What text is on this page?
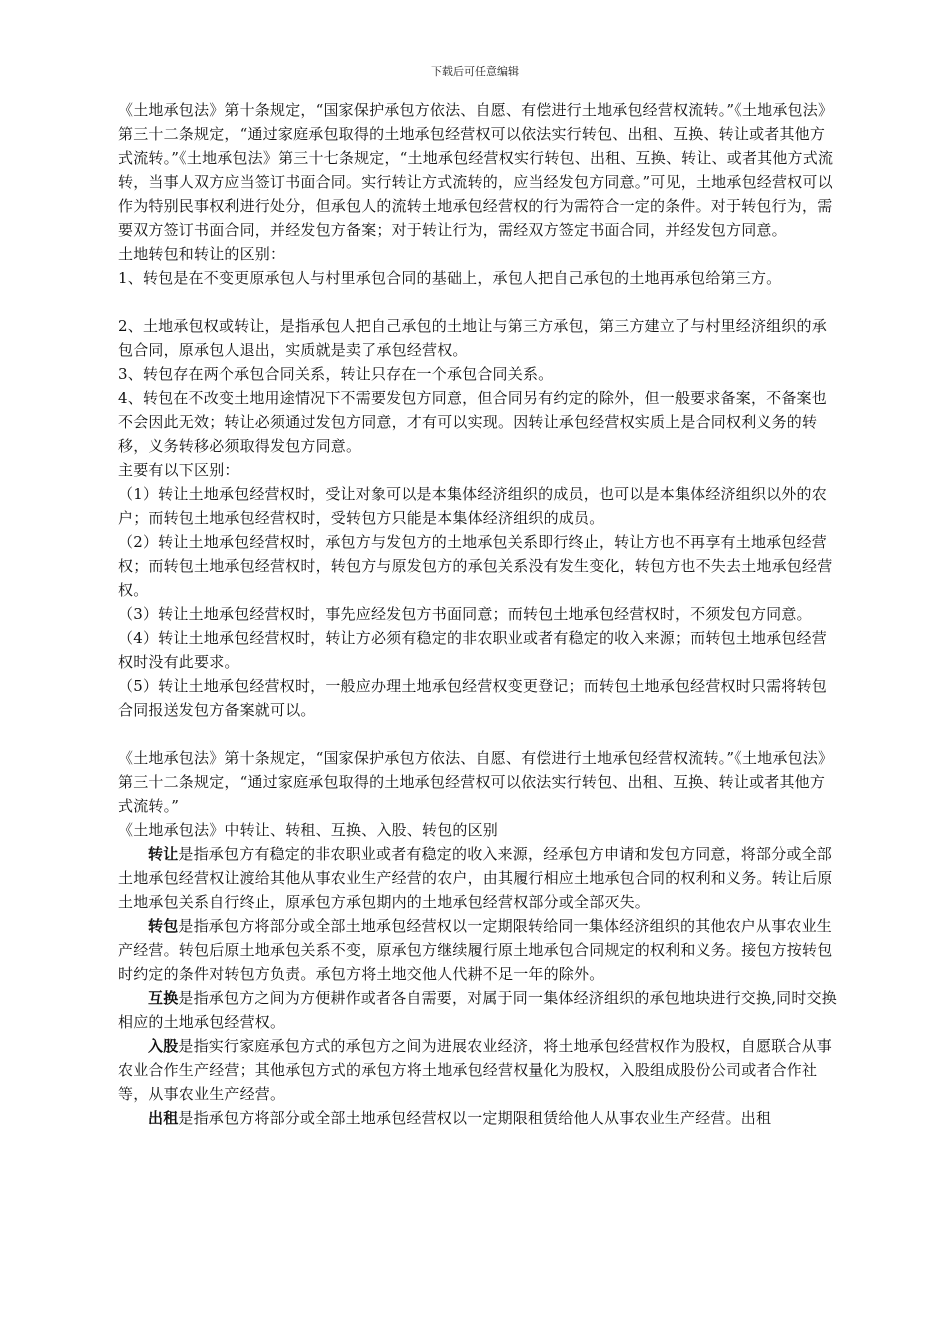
下载后可任意编辑

《土地承包法》第十条规定，“国家保护承包方依法、自愿、有偿进行土地承包经营权流转。”《土地承包法》第三十二条规定，“通过家庭承包取得的土地承包经营权可以依法实行转包、出租、互换、转让或者其他方式流转。”《土地承包法》第三十七条规定，“土地承包经营权实行转包、出租、互换、转让、或者其他方式流转，当事人双方应当签订书面合同。实行转让方式流转的，应当经发包方同意。”可见，土地承包经营权可以作为特别民事权利进行处分，但承包人的流转土地承包经营权的行为需符合一定的条件。对于转包行为，需要双方签订书面合同，并经发包方备案；对于转让行为，需经双方签定书面合同，并经发包方同意。

土地转包和转让的区别：

1、转包是在不变更原承包人与村里承包合同的基础上，承包人把自己承包的土地再承包给第三方。

2、土地承包权或转让，是指承包人把自己承包的土地让与第三方承包，第三方建立了与村里经济组织的承包合同，原承包人退出，实质就是卖了承包经营权。

3、转包存在两个承包合同关系，转让只存在一个承包合同关系。

4、转包在不改变土地用途情况下不需要发包方同意，但合同另有约定的除外，但一般要求备案，不备案也不会因此无效；转让必须通过发包方同意，才有可以实现。因转让承包经营权实质上是合同权利义务的转移，义务转移必须取得发包方同意。

主要有以下区别：

（1）转让土地承包经营权时，受让对象可以是本集体经济组织的成员，也可以是本集体经济组织以外的农户；而转包土地承包经营权时，受转包方只能是本集体经济组织的成员。

（2）转让土地承包经营权时，承包方与发包方的土地承包关系即行终止，转让方也不再享有土地承包经营权；而转包土地承包经营权时，转包方与原发包方的承包关系没有发生变化，转包方也不失去土地承包经营权。

（3）转让土地承包经营权时，事先应经发包方书面同意；而转包土地承包经营权时，不须发包方同意。

（4）转让土地承包经营权时，转让方必须有稳定的非农职业或者有稳定的收入来源；而转包土地承包经营权时没有此要求。

（5）转让土地承包经营权时，一般应办理土地承包经营权变更登记；而转包土地承包经营权时只需将转包合同报送发包方备案就可以。

《土地承包法》第十条规定，“国家保护承包方依法、自愿、有偿进行土地承包经营权流转。”《土地承包法》第三十二条规定，“通过家庭承包取得的土地承包经营权可以依法实行转包、出租、互换、转让或者其他方式流转。”

《土地承包法》中转让、转租、互换、入股、转包的区别

转让是指承包方有稳定的非农职业或者有稳定的收入来源，经承包方申请和发包方同意，将部分或全部土地承包经营权让渡给其他从事农业生产经营的农户，由其履行相应土地承包合同的权利和义务。转让后原土地承包关系自行终止，原承包方承包期内的土地承包经营权部分或全部灭失。

转包是指承包方将部分或全部土地承包经营权以一定期限转给同一集体经济组织的其他农户从事农业生产经营。转包后原土地承包关系不变，原承包方继续履行原土地承包合同规定的权利和义务。接包方按转包时约定的条件对转包方负责。承包方将土地交他人代耕不足一年的除外。

互换是指承包方之间为方便耕作或者各自需要，对属于同一集体经济组织的承包地块进行交换,同时交换相应的土地承包经营权。

入股是指实行家庭承包方式的承包方之间为进展农业经济，将土地承包经营权作为股权，自愿联合从事农业合作生产经营；其他承包方式的承包方将土地承包经营权量化为股权，入股组成股份公司或者合作社等，从事农业生产经营。

出租是指承包方将部分或全部土地承包经营权以一定期限租赁给他人从事农业生产经营。出租
